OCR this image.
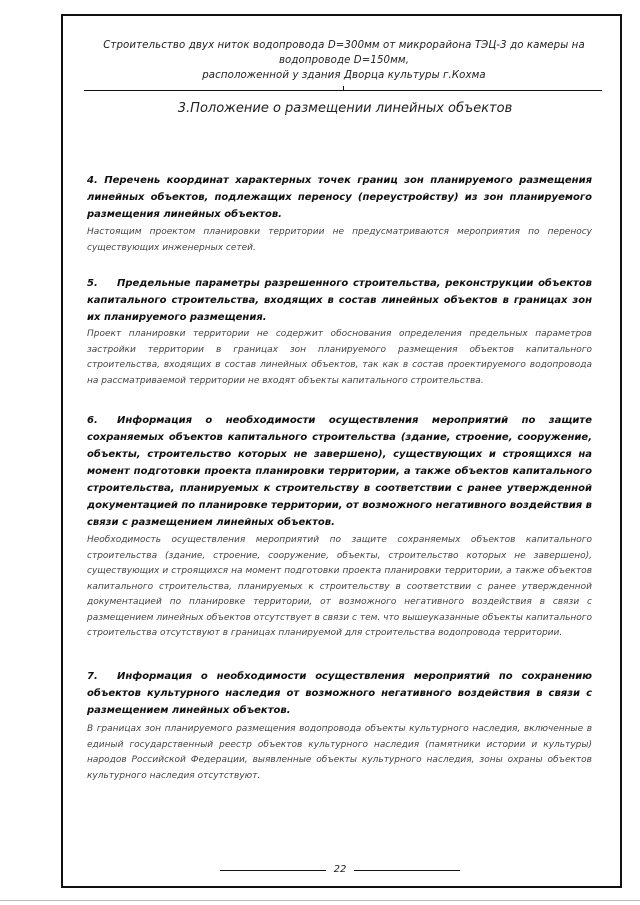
Строительство двух ниток водопровода D=300мм от микрорайона ТЭЦ-3 до камеры на водопроводе D=150мм,
расположенной у здания Дворца культуры г.Кохма
3.Положение о размещении линейных объектов
4. Перечень координат характерных точек границ зон планируемого размещения линейных объектов, подлежащих переносу (переустройству) из зон планируемого размещения линейных объектов.
Настоящим проектом планировки территории не предусматриваются мероприятия по переносу существующих инженерных сетей.
5. Предельные параметры разрешенного строительства, реконструкции объектов капитального строительства, входящих в состав линейных объектов в границах зон их планируемого размещения.
Проект планировки территории не содержит обоснования определения предельных параметров застройки территории в границах зон планируемого размещения объектов капитального строительства, входящих в состав линейных объектов, так как в состав проектируемого водопровода на рассматриваемой территории не входят объекты капитального строительства.
6. Информация о необходимости осуществления мероприятий по защите сохраняемых объектов капитального строительства (здание, строение, сооружение, объекты, строительство которых не завершено), существующих и строящихся на момент подготовки проекта планировки территории, а также объектов капитального строительства, планируемых к строительству в соответствии с ранее утвержденной документацией по планировке территории, от возможного негативного воздействия в связи с размещением линейных объектов.
Необходимость осуществления мероприятий по защите сохраняемых объектов капитального строительства (здание, строение, сооружение, объекты, строительство которых не завершено), существующих и строящихся на момент подготовки проекта планировки территории, а также объектов капитального строительства, планируемых к строительству в соответствии с ранее утвержденной документацией по планировке территории, от возможного негативного воздействия в связи с размещением линейных объектов отсутствует в связи с тем. что вышеуказанные объекты капитального строительства отсутствуют в границах планируемой для строительства водопровода территории.
7. Информация о необходимости осуществления мероприятий по сохранению объектов культурного наследия от возможного негативного воздействия в связи с размещением линейных объектов.
В границах зон планируемого размещения водопровода объекты культурного наследия, включенные в единый государственный реестр объектов культурного наследия (памятники истории и культуры) народов Российской Федерации, выявленные объекты культурного наследия, зоны охраны объектов культурного наследия отсутствуют.
22
